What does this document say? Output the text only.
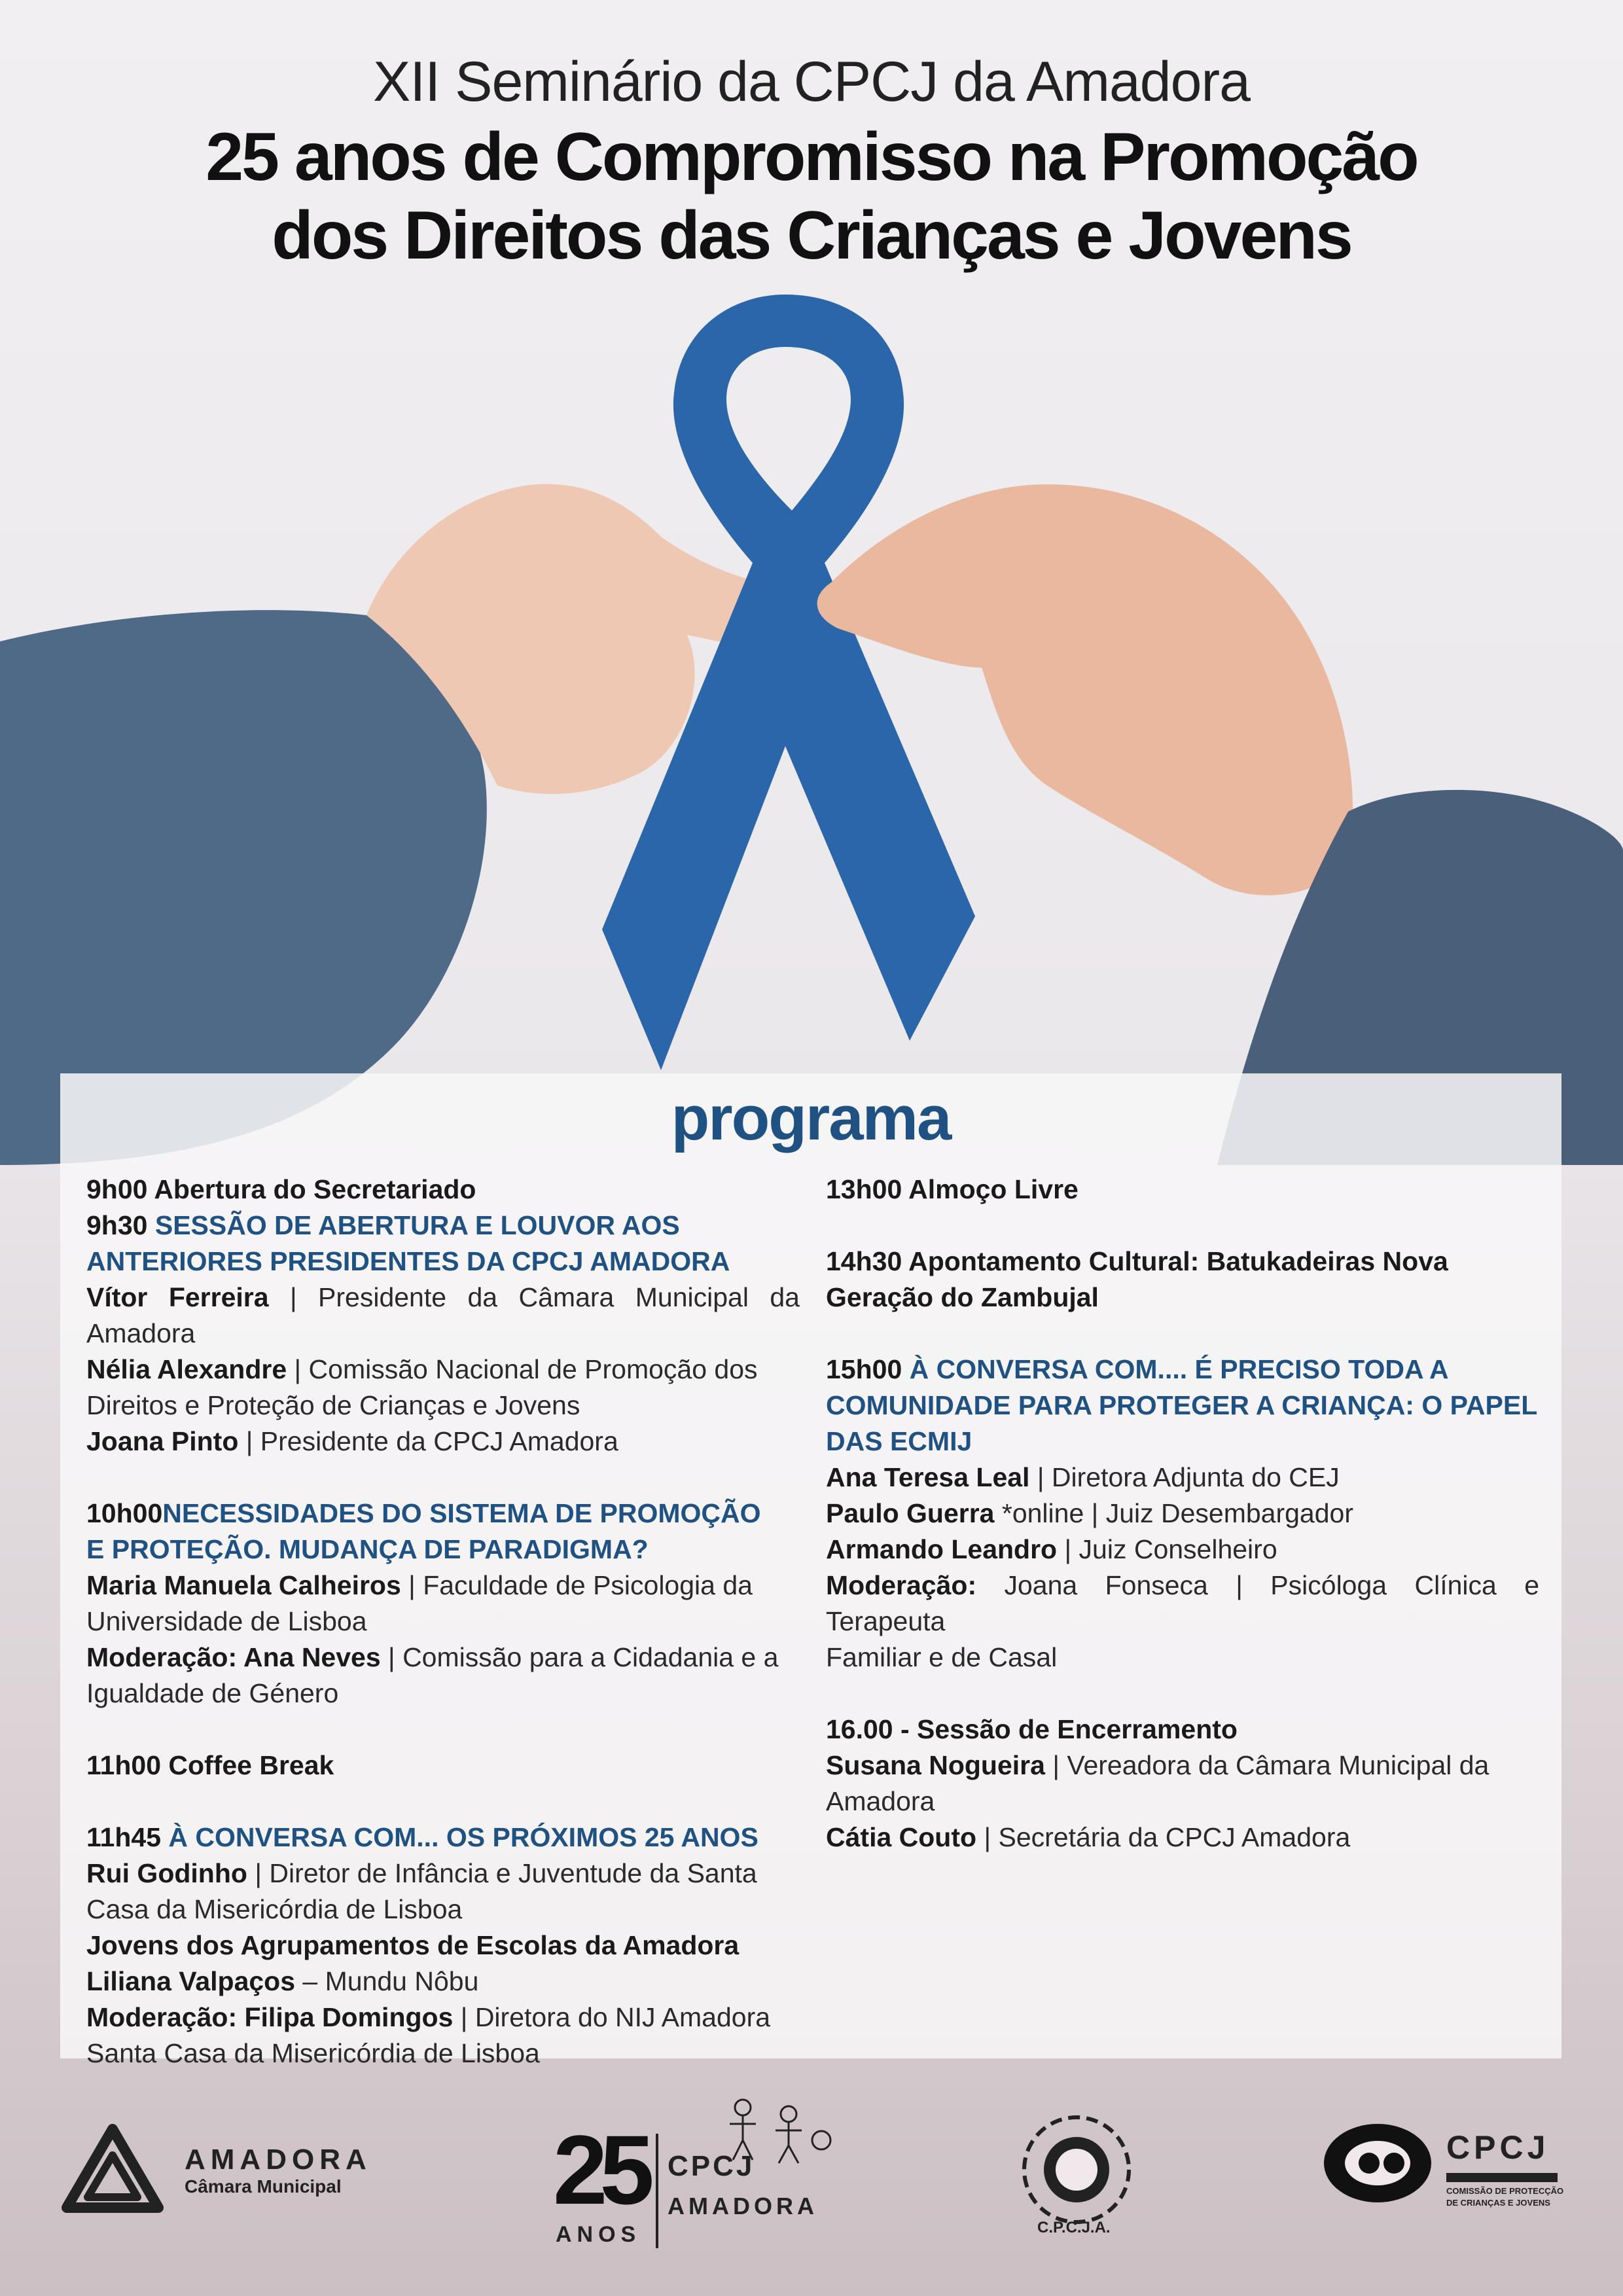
XII Seminário da CPCJ da Amadora

25 anos de Compromisso na Promoção

dos Direitos das Crianças e Jovens

programa
9h00 Abertura do Secretariado
9h30 SESSÃO DE ABERTURA E LOUVOR AOS
ANTERIORES PRESIDENTES DA CPCJ AMADORA
Vítor Ferreira | Presidente da Câmara Municipal da Amadora
Nélia Alexandre | Comissão Nacional de Promoção dos
Direitos e Proteção de Crianças e Jovens
Joana Pinto | Presidente da CPCJ Amadora
10h00NECESSIDADES DO SISTEMA DE PROMOÇÃO
E PROTEÇÃO. MUDANÇA DE PARADIGMA?
Maria Manuela Calheiros | Faculdade de Psicologia da
Universidade de Lisboa
Moderação: Ana Neves | Comissão para a Cidadania e a
Igualdade de Género
11h00 Coffee Break
11h45 À CONVERSA COM... OS PRÓXIMOS 25 ANOS
Rui Godinho | Diretor de Infância e Juventude da Santa
Casa da Misericórdia de Lisboa
Jovens dos Agrupamentos de Escolas da Amadora
Liliana Valpaços – Mundu Nôbu
Moderação: Filipa Domingos | Diretora do NIJ Amadora
Santa Casa da Misericórdia de Lisboa
13h00 Almoço Livre
14h30 Apontamento Cultural: Batukadeiras Nova
Geração do Zambujal
15h00 À CONVERSA COM.... É PRECISO TODA A
COMUNIDADE PARA PROTEGER A CRIANÇA: O PAPEL
DAS ECMIJ
Ana Teresa Leal | Diretora Adjunta do CEJ
Paulo Guerra *online | Juiz Desembargador
Armando Leandro | Juiz Conselheiro
Moderação: Joana Fonseca | Psicóloga Clínica e Terapeuta
Familiar e de Casal
16.00 - Sessão de Encerramento
Susana Nogueira | Vereadora da Câmara Municipal da
Amadora
Cátia Couto | Secretária da CPCJ Amadora
AMADORA
Câmara Municipal	25
ANOS
CPCJ
AMADORA
C.P.C.J.A.
CPCJ
COMISSÃO DE PROTECÇÃO
DE CRIANÇAS E JOVENS
